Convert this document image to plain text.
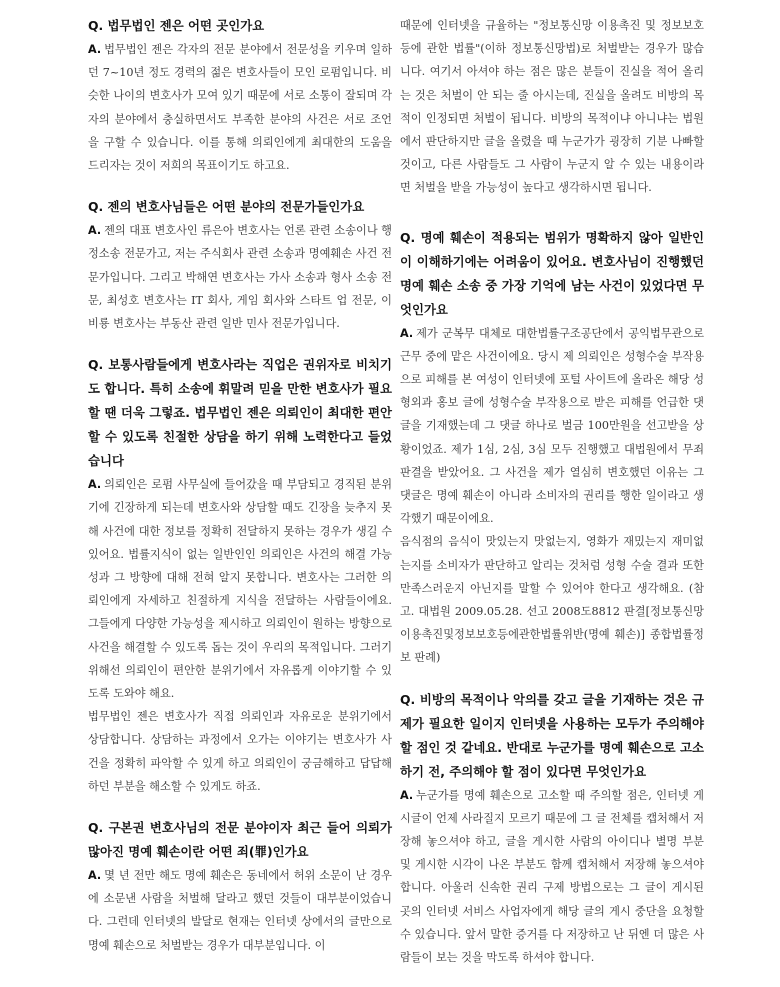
Q. 법무법인 젠은 어떤 곳인가요

A. 법무법인 젠은 각자의 전문 분야에서 전문성을 키우며 일하던 7~10년 정도 경력의 젊은 변호사들이 모인 로펌입니다. 비슷한 나이의 변호사가 모여 있기 때문에 서로 소통이 잘되며 각자의 분야에서 충실하면서도 부족한 분야의 사건은 서로 조언을 구할 수 있습니다. 이를 통해 의뢰인에게 최대한의 도움을 드리자는 것이 저희의 목표이기도 하고요.

Q. 젠의 변호사님들은 어떤 분야의 전문가들인가요

A. 젠의 대표 변호사인 류은아 변호사는 언론 관련 소송이나 행정소송 전문가고, 저는 주식회사 관련 소송과 명예훼손 사건 전문가입니다. 그리고 박해연 변호사는 가사 소송과 형사 소송 전문, 최성호 변호사는 IT 회사, 게임 회사와 스타트 업 전문, 이비룡 변호사는 부동산 관련 일반 민사 전문가입니다.

Q. 보통사람들에게 변호사라는 직업은 권위자로 비치기도 합니다. 특히 소송에 휘말려 믿을 만한 변호사가 필요할 땐 더욱 그렇죠. 법무법인 젠은 의뢰인이 최대한 편안할 수 있도록 친절한 상담을 하기 위해 노력한다고 들었습니다

A. 의뢰인은 로펌 사무실에 들어갔을 때 부담되고 경직된 분위기에 긴장하게 되는데 변호사와 상담할 때도 긴장을 늦추지 못해 사건에 대한 정보를 정확히 전달하지 못하는 경우가 생길 수 있어요. 법률지식이 없는 일반인인 의뢰인은 사건의 해결 가능성과 그 방향에 대해 전혀 알지 못합니다. 변호사는 그러한 의뢰인에게 자세하고 친절하게 지식을 전달하는 사람들이에요. 그들에게 다양한 가능성을 제시하고 의뢰인이 원하는 방향으로 사건을 해결할 수 있도록 돕는 것이 우리의 목적입니다. 그러기 위해선 의뢰인이 편안한 분위기에서 자유롭게 이야기할 수 있도록 도와야 해요.

법무법인 젠은 변호사가 직접 의뢰인과 자유로운 분위기에서 상담합니다. 상담하는 과정에서 오가는 이야기는 변호사가 사건을 정확히 파악할 수 있게 하고 의뢰인이 궁금해하고 답답해하던 부분을 해소할 수 있게도 하죠.

Q. 구본권 변호사님의 전문 분야이자 최근 들어 의뢰가 많아진 명예 훼손이란 어떤 죄(罪)인가요

A. 몇 년 전만 해도 명예 훼손은 동네에서 허위 소문이 난 경우에 소문낸 사람을 처벌해 달라고 했던 것들이 대부분이었습니다. 그런데 인터넷의 발달로 현재는 인터넷 상에서의 글만으로 명예 훼손으로 처벌받는 경우가 대부분입니다. 이

때문에 인터넷을 규율하는 "정보통신망 이용촉진 및 정보보호 등에 관한 법률"(이하 정보통신망법)로 처벌받는 경우가 많습니다. 여기서 아셔야 하는 점은 많은 분들이 진실을 적어 올리는 것은 처벌이 안 되는 줄 아시는데, 진실을 올려도 비방의 목적이 인정되면 처벌이 됩니다. 비방의 목적이냐 아니냐는 법원에서 판단하지만 글을 올렸을 때 누군가가 굉장히 기분 나빠할 것이고, 다른 사람들도 그 사람이 누군지 알 수 있는 내용이라면 처벌을 받을 가능성이 높다고 생각하시면 됩니다.

Q. 명예 훼손이 적용되는 범위가 명확하지 않아 일반인이 이해하기에는 어려움이 있어요. 변호사님이 진행했던 명예 훼손 소송 중 가장 기억에 남는 사건이 있었다면 무엇인가요

A. 제가 군복무 대체로 대한법률구조공단에서 공익법무관으로 근무 중에 맡은 사건이에요. 당시 제 의뢰인은 성형수술 부작용으로 피해를 본 여성이 인터넷에 포털 사이트에 올라온 해당 성형외과 홍보 글에 성형수술 부작용으로 받은 피해를 언급한 댓글을 기재했는데 그 댓글 하나로 벌금 100만원을 선고받을 상황이었죠. 제가 1심, 2심, 3심 모두 진행했고 대법원에서 무죄 판결을 받았어요. 그 사건을 제가 열심히 변호했던 이유는 그 댓글은 명예 훼손이 아니라 소비자의 권리를 행한 일이라고 생각했기 때문이에요.

음식점의 음식이 맛있는지 맛없는지, 영화가 재밌는지 재미없는지를 소비자가 판단하고 알리는 것처럼 성형 수술 결과 또한 만족스러운지 아닌지를 말할 수 있어야 한다고 생각해요. (참고. 대법원 2009.05.28. 선고 2008도8812 판결[정보통신망이용촉진및정보보호등에관한법률위반(명예 훼손)] 종합법률정보 판례)

Q. 비방의 목적이나 악의를 갖고 글을 기재하는 것은 규제가 필요한 일이지 인터넷을 사용하는 모두가 주의해야 할 점인 것 같네요. 반대로 누군가를 명예 훼손으로 고소하기 전, 주의해야 할 점이 있다면 무엇인가요

A. 누군가를 명예 훼손으로 고소할 때 주의할 점은, 인터넷 게시글이 언제 사라질지 모르기 때문에 그 글 전체를 캡처해서 저장해 놓으셔야 하고, 글을 게시한 사람의 아이디나 별명 부분 및 게시한 시각이 나온 부분도 함께 캡처해서 저장해 놓으셔야 합니다. 아울러 신속한 권리 구제 방법으로는 그 글이 게시된 곳의 인터넷 서비스 사업자에게 해당 글의 게시 중단을 요청할 수 있습니다. 앞서 말한 증거를 다 저장하고 난 뒤엔 더 많은 사람들이 보는 것을 막도록 하셔야 합니다.
